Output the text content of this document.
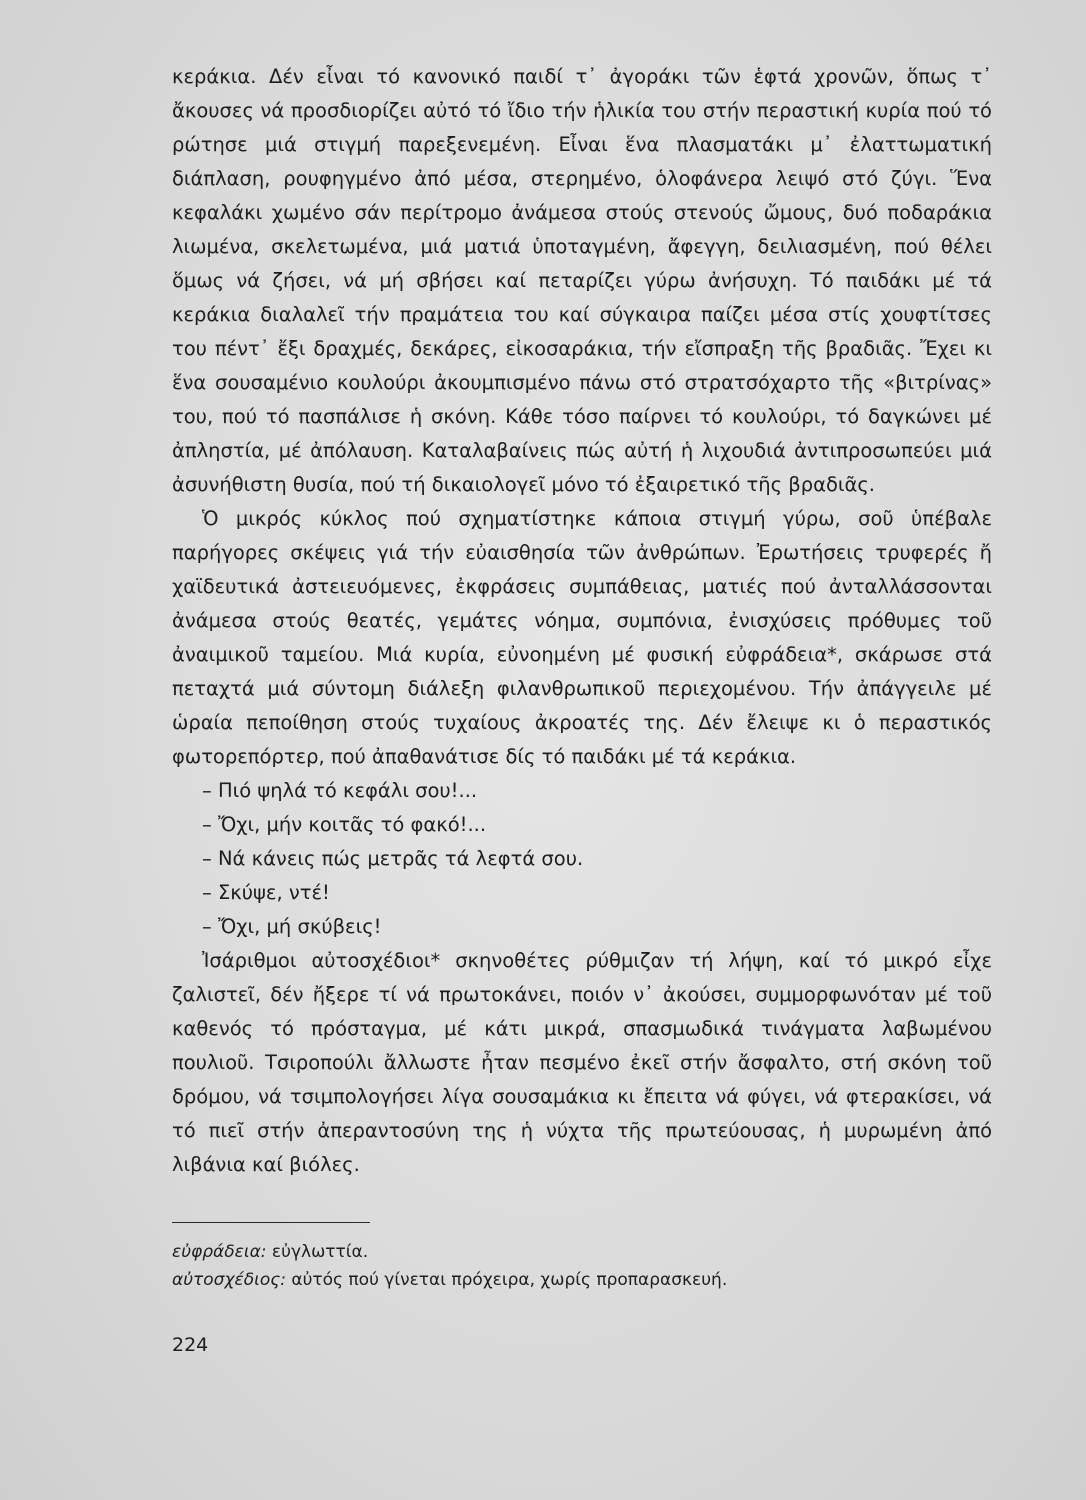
κεράκια. Δέν εἶναι τό κανονικό παιδί τ᾽ ἀγοράκι τῶν ἑφτά χρονῶν, ὅπως τ᾽ ἄκουσες νά προσδιορίζει αὐτό τό ἴδιο τήν ἡλικία του στήν περαστική κυρία πού τό ρώτησε μιά στιγμή παρεξενεμένη. Εἶναι ἕνα πλασματάκι μ᾽ ἐλαττωματική διάπλαση, ρουφηγμένο ἀπό μέσα, στερημένο, ὁλοφάνερα λειψό στό ζύγι. Ἕνα κεφαλάκι χωμένο σάν περίτρομο ἀνάμεσα στούς στενούς ὤμους, δυό ποδαράκια λιωμένα, σκελετωμένα, μιά ματιά ὑποταγμένη, ἄφεγγη, δειλιασμένη, πού θέλει ὅμως νά ζήσει, νά μή σβήσει καί πεταρίζει γύρω ἀνήσυχη. Τό παιδάκι μέ τά κεράκια διαλαλεῖ τήν πραμάτεια του καί σύγκαιρα παίζει μέσα στίς χουφτίτσες του πέντ᾽ ἔξι δραχμές, δεκάρες, εἰκοσαράκια, τήν εἴσπραξη τῆς βραδιᾶς. Ἔχει κι ἕνα σουσαμένιο κουλούρι ἀκουμπισμένο πάνω στό στρατσόχαρτο τῆς «βιτρίνας» του, πού τό πασπάλισε ἡ σκόνη. Κάθε τόσο παίρνει τό κουλούρι, τό δαγκώνει μέ ἀπληστία, μέ ἀπόλαυση. Καταλαβαίνεις πώς αὐτή ἡ λιχουδιά ἀντιπροσωπεύει μιά ἀσυνήθιστη θυσία, πού τή δικαιολογεῖ μόνο τό ἐξαιρετικό τῆς βραδιᾶς.

Ὁ μικρός κύκλος πού σχηματίστηκε κάποια στιγμή γύρω, σοῦ ὑπέβαλε παρήγορες σκέψεις γιά τήν εὐαισθησία τῶν ἀνθρώπων. Ἐρωτήσεις τρυφερές ἤ χαϊδευτικά ἀστειευόμενες, ἐκφράσεις συμπάθειας, ματιές πού ἀνταλλάσσονται ἀνάμεσα στούς θεατές, γεμάτες νόημα, συμπόνια, ἐνισχύσεις πρόθυμες τοῦ ἀναιμικοῦ ταμείου. Μιά κυρία, εὐνοημένη μέ φυσική εὐφράδεια*, σκάρωσε στά πεταχτά μιά σύντομη διάλεξη φιλανθρωπικοῦ περιεχομένου. Τήν ἀπάγγειλε μέ ὡραία πεποίθηση στούς τυχαίους ἀκροατές της. Δέν ἔλειψε κι ὁ περαστικός φωτορεπόρτερ, πού ἀπαθανάτισε δίς τό παιδάκι μέ τά κεράκια.

– Πιό ψηλά τό κεφάλι σου!...

– Ὄχι, μήν κοιτᾶς τό φακό!...

– Νά κάνεις πώς μετρᾶς τά λεφτά σου.

– Σκύψε, ντέ!

– Ὄχι, μή σκύβεις!

Ἰσάριθμοι αὐτοσχέδιοι* σκηνοθέτες ρύθμιζαν τή λήψη, καί τό μικρό εἶχε ζαλιστεῖ, δέν ἤξερε τί νά πρωτοκάνει, ποιόν ν᾽ ἀκούσει, συμμορφωνόταν μέ τοῦ καθενός τό πρόσταγμα, μέ κάτι μικρά, σπασμωδικά τινάγματα λαβωμένου πουλιοῦ. Τσιροπούλι ἄλλωστε ἦταν πεσμένο ἐκεῖ στήν ἄσφαλτο, στή σκόνη τοῦ δρόμου, νά τσιμπολογήσει λίγα σουσαμάκια κι ἔπειτα νά φύγει, νά φτερακίσει, νά τό πιεῖ στήν ἀπεραντοσύνη της ἡ νύχτα τῆς πρωτεύουσας, ἡ μυρωμένη ἀπό λιβάνια καί βιόλες.

εὐφράδεια: εὐγλωττία.

αὐτοσχέδιος: αὐτός πού γίνεται πρόχειρα, χωρίς προπαρασκευή.

224
